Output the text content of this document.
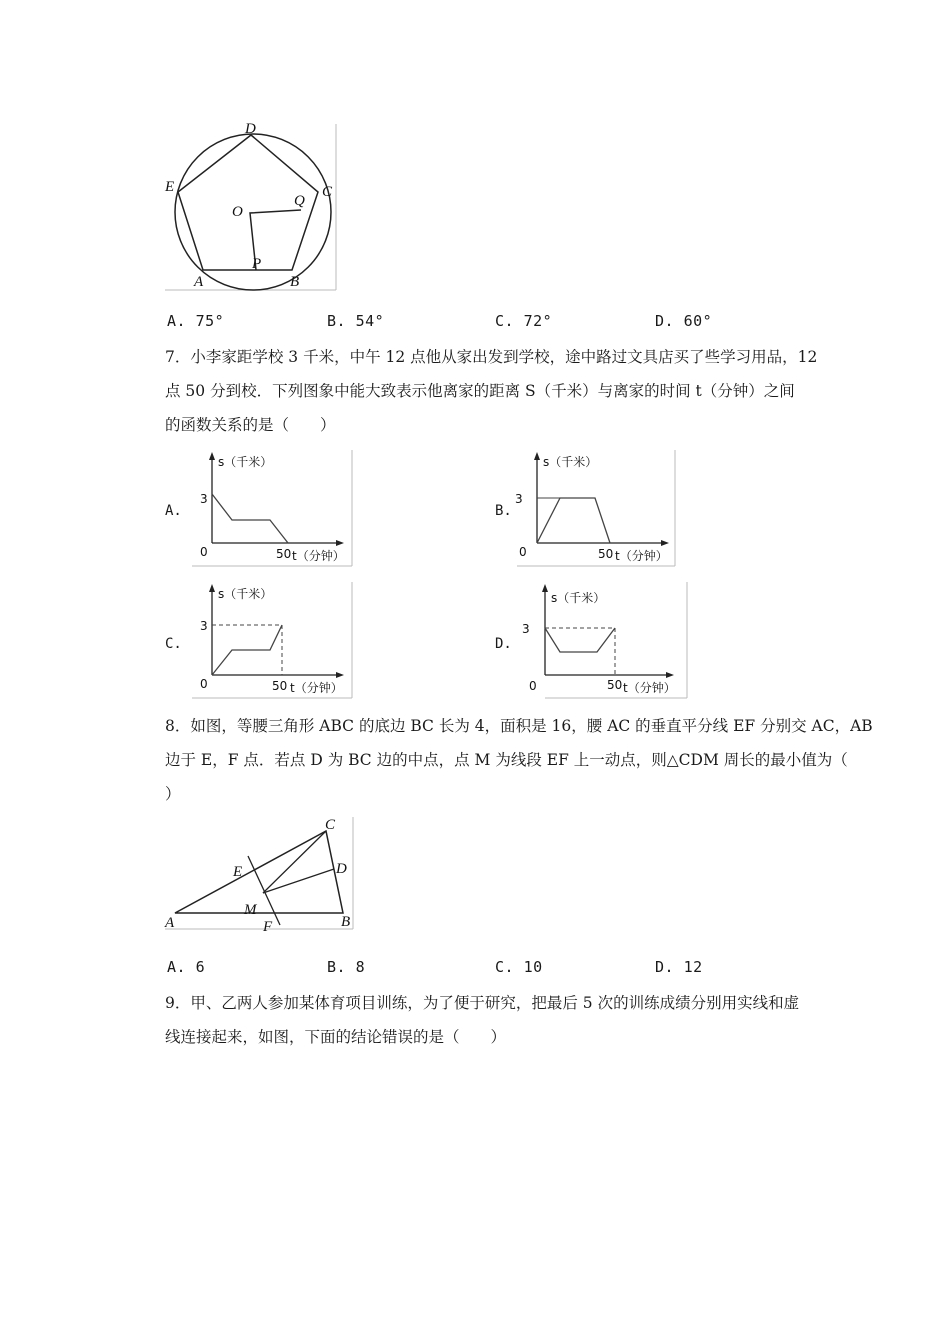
D
E	C
O
Q
A
P
B
A. 75°	B. 54°	C. 72°	D. 60°
7．小李家距学校 3 千米，中午 12 点他从家出发到学校，途中路过文具店买了些学习用品，12
点 50 分到校．下列图象中能大致表示他离家的距离 S（千米）与离家的时间 t（分钟）之间
的函数关系的是（　　）
A.	B.
C.	D.
s（千米）
3
0	50 t（分钟）
s（千米）
3
0	50 t（分钟）
s（千米）
3
0	50 t（分钟）
s（千米）
3
0	50 t（分钟）
8．如图，等腰三角形 ABC 的底边 BC 长为 4，面积是 16，腰 AC 的垂直平分线 EF 分别交 AC，AB
边于 E，F 点．若点 D 为 BC 边的中点，点 M 为线段 EF 上一动点，则△CDM 周长的最小值为（
）
C
E	D
M
A	F	B
A. 6	B. 8	C. 10	D. 12
9．甲、乙两人参加某体育项目训练，为了便于研究，把最后 5 次的训练成绩分别用实线和虚
线连接起来，如图，下面的结论错误的是（　　）
